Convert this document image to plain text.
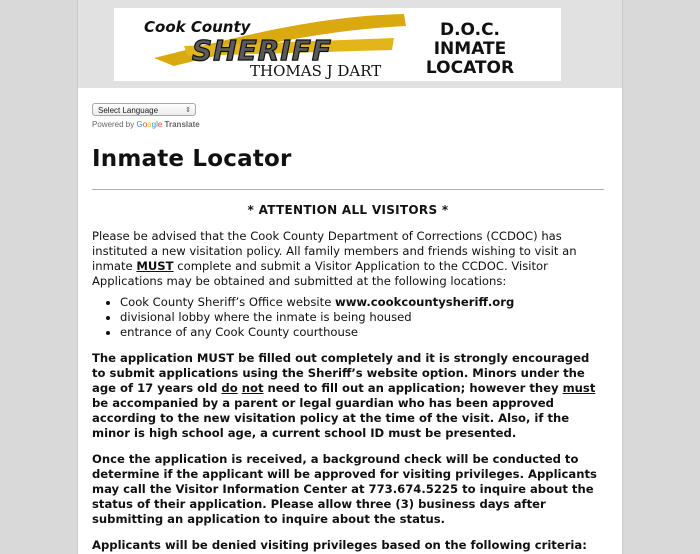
Cook County
SHERIFF
THOMAS J DART
D.O.C.
INMATE
LOCATOR
Select Language	⇕
Powered by Google Translate
Inmate Locator
* ATTENTION ALL VISITORS *

Please be advised that the Cook County Department of Corrections (CCDOC) has instituted a new visitation policy. All family members and friends wishing to visit an inmate MUST complete and submit a Visitor Application to the CCDOC. Visitor Applications may be obtained and submitted at the following locations:

• Cook County Sheriff’s Office website www.cookcountysheriff.org
• divisional lobby where the inmate is being housed
• entrance of any Cook County courthouse

The application MUST be filled out completely and it is strongly encouraged to submit applications using the Sheriff’s website option. Minors under the age of 17 years old do not need to fill out an application; however they must be accompanied by a parent or legal guardian who has been approved according to the new visitation policy at the time of the visit. Also, if the minor is high school age, a current school ID must be presented.

Once the application is received, a background check will be conducted to determine if the applicant will be approved for visiting privileges. Applicants may call the Visitor Information Center at 773.674.5225 to inquire about the status of their application. Please allow three (3) business days after submitting an application to inquire about the status.

Applicants will be denied visiting privileges based on the following criteria:
